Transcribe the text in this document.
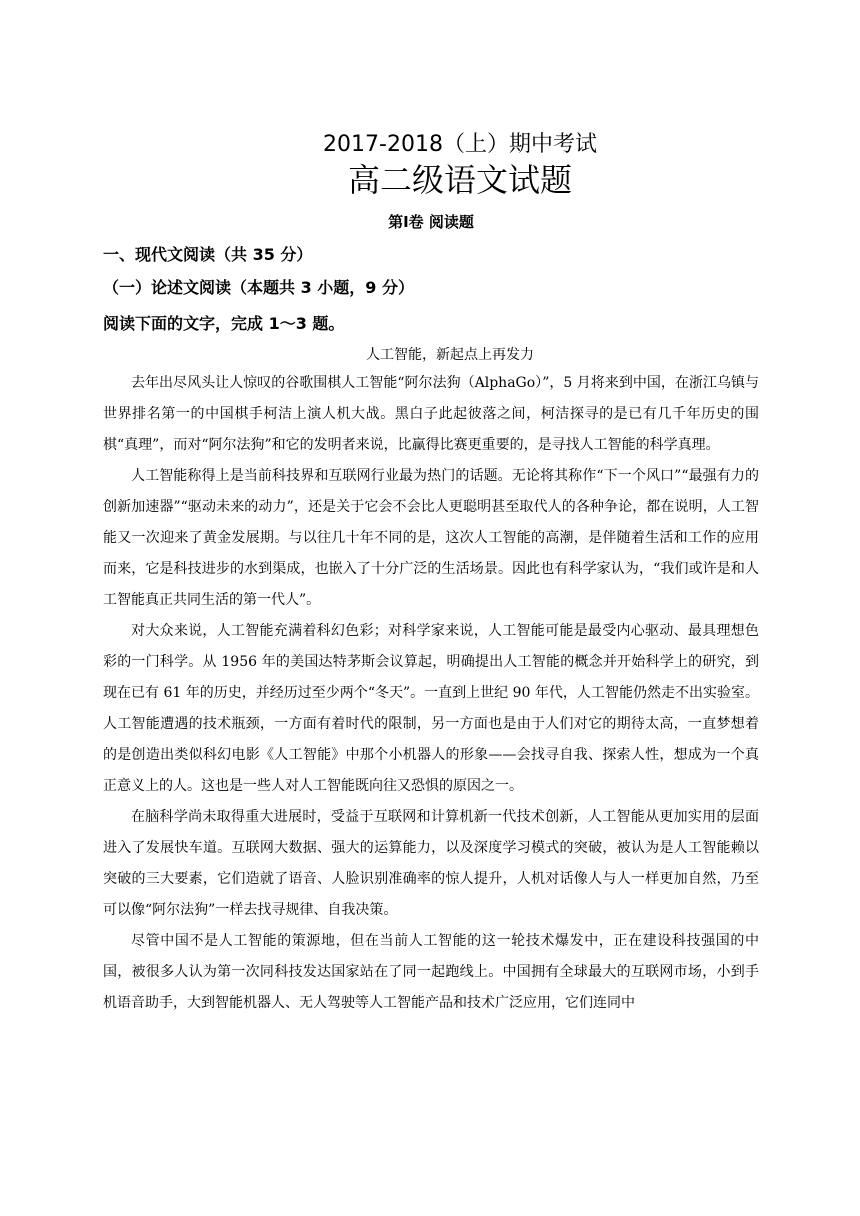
2017-2018（上）期中考试
高二级语文试题
第Ⅰ卷 阅读题
一、现代文阅读（共 35 分）
（一）论述文阅读（本题共 3 小题，9 分）
阅读下面的文字，完成 1～3 题。
人工智能，新起点上再发力

去年出尽风头让人惊叹的谷歌围棋人工智能“阿尔法狗（AlphaGo）”，5 月将来到中国，在浙江乌镇与世界排名第一的中国棋手柯洁上演人机大战。黑白子此起彼落之间，柯洁探寻的是已有几千年历史的围棋“真理”，而对“阿尔法狗”和它的发明者来说，比赢得比赛更重要的，是寻找人工智能的科学真理。

人工智能称得上是当前科技界和互联网行业最为热门的话题。无论将其称作“下一个风口”“最强有力的创新加速器”“驱动未来的动力”，还是关于它会不会比人更聪明甚至取代人的各种争论，都在说明，人工智能又一次迎来了黄金发展期。与以往几十年不同的是，这次人工智能的高潮，是伴随着生活和工作的应用而来，它是科技进步的水到渠成，也嵌入了十分广泛的生活场景。因此也有科学家认为，“我们或许是和人工智能真正共同生活的第一代人”。

对大众来说，人工智能充满着科幻色彩；对科学家来说，人工智能可能是最受内心驱动、最具理想色彩的一门科学。从 1956 年的美国达特茅斯会议算起，明确提出人工智能的概念并开始科学上的研究，到现在已有 61 年的历史，并经历过至少两个“冬天”。一直到上世纪 90 年代，人工智能仍然走不出实验室。人工智能遭遇的技术瓶颈，一方面有着时代的限制，另一方面也是由于人们对它的期待太高，一直梦想着的是创造出类似科幻电影《人工智能》中那个小机器人的形象——会找寻自我、探索人性，想成为一个真正意义上的人。这也是一些人对人工智能既向往又恐惧的原因之一。

在脑科学尚未取得重大进展时，受益于互联网和计算机新一代技术创新，人工智能从更加实用的层面进入了发展快车道。互联网大数据、强大的运算能力，以及深度学习模式的突破，被认为是人工智能赖以突破的三大要素，它们造就了语音、人脸识别准确率的惊人提升，人机对话像人与人一样更加自然，乃至可以像“阿尔法狗”一样去找寻规律、自我决策。

尽管中国不是人工智能的策源地，但在当前人工智能的这一轮技术爆发中，正在建设科技强国的中国，被很多人认为第一次同科技发达国家站在了同一起跑线上。中国拥有全球最大的互联网市场，小到手机语音助手，大到智能机器人、无人驾驶等人工智能产品和技术广泛应用，它们连同中
